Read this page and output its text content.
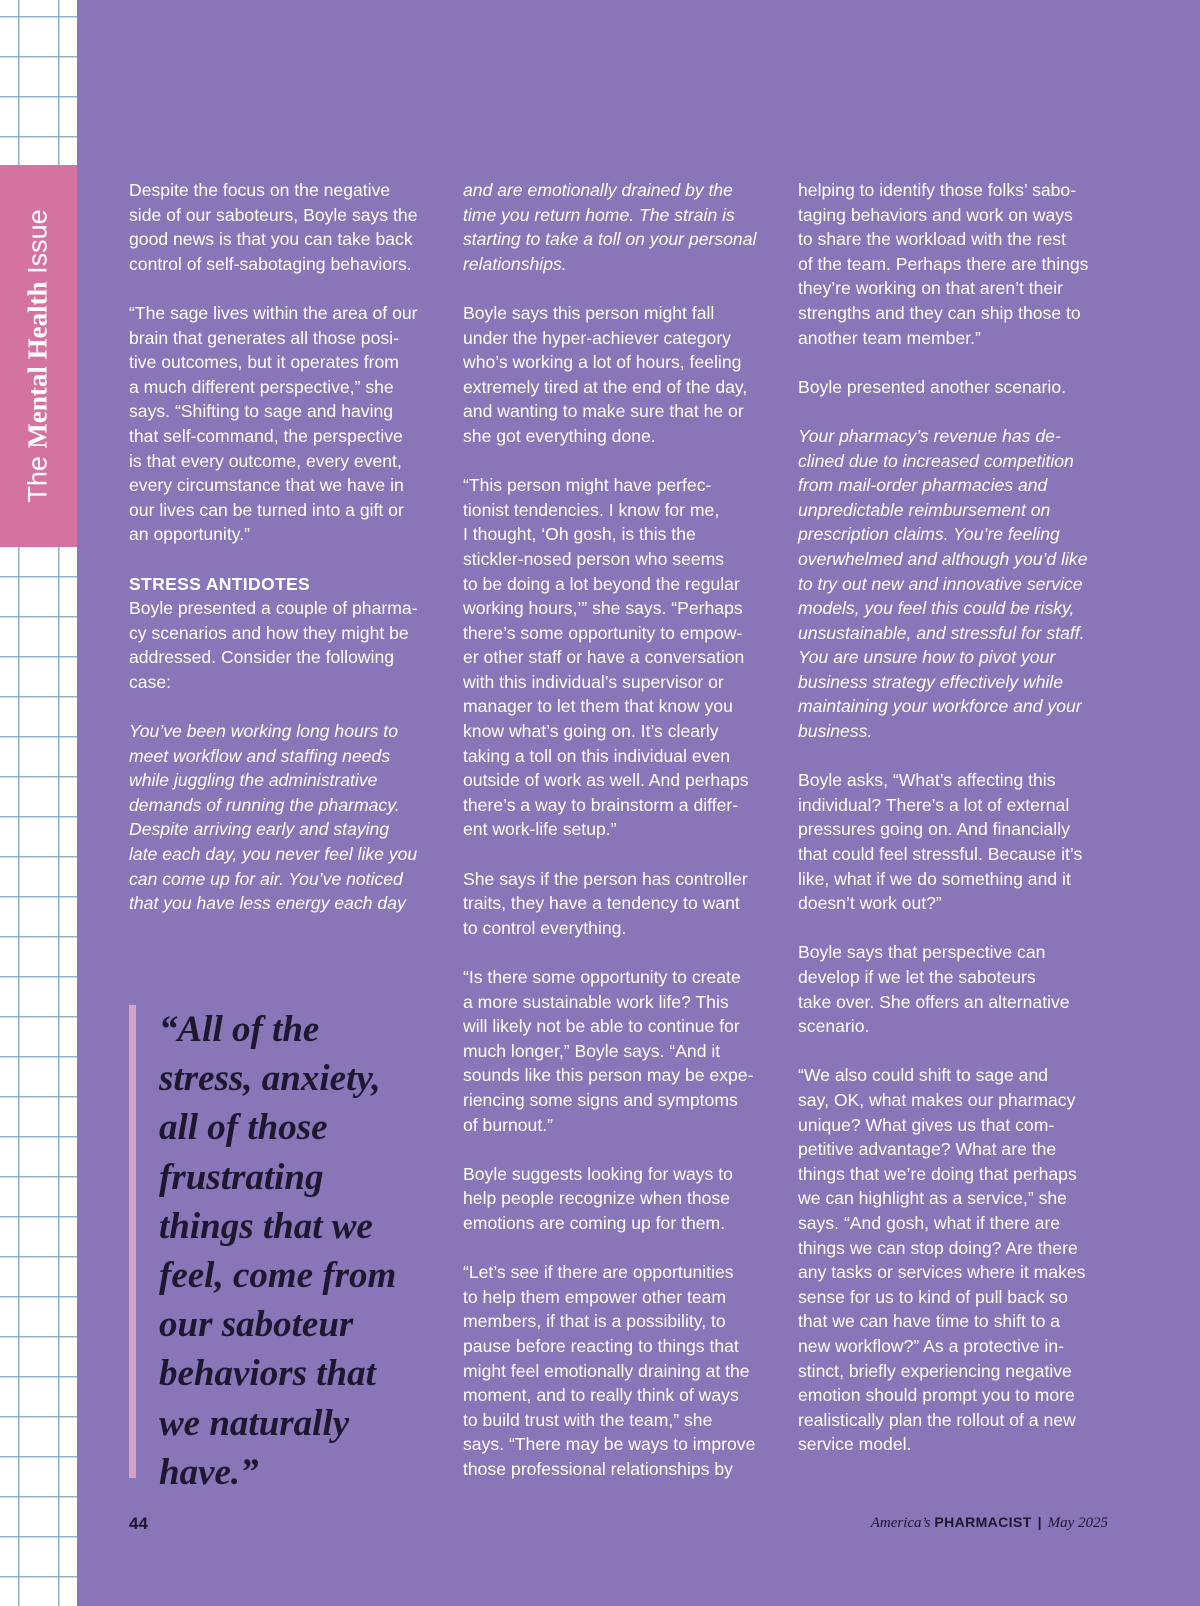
The Mental Health Issue

Despite the focus on the negative
side of our saboteurs, Boyle says the
good news is that you can take back
control of self-sabotaging behaviors.

“The sage lives within the area of our
brain that generates all those posi-
tive outcomes, but it operates from
a much different perspective,” she
says. “Shifting to sage and having
that self-command, the perspective
is that every outcome, every event,
every circumstance that we have in
our lives can be turned into a gift or
an opportunity.”

STRESS ANTIDOTES

Boyle presented a couple of pharma-
cy scenarios and how they might be
addressed. Consider the following
case:

You’ve been working long hours to
meet workflow and staffing needs
while juggling the administrative
demands of running the pharmacy.
Despite arriving early and staying
late each day, you never feel like you
can come up for air. You’ve noticed
that you have less energy each day

“All of the
stress, anxiety,
all of those
frustrating
things that we
feel, come from
our saboteur
behaviors that
we naturally
have.”

and are emotionally drained by the
time you return home. The strain is
starting to take a toll on your personal
relationships.

Boyle says this person might fall
under the hyper-achiever category
who’s working a lot of hours, feeling
extremely tired at the end of the day,
and wanting to make sure that he or
she got everything done.

“This person might have perfec-
tionist tendencies. I know for me,
I thought, ‘Oh gosh, is this the
stickler-nosed person who seems
to be doing a lot beyond the regular
working hours,’” she says. “Perhaps
there’s some opportunity to empow-
er other staff or have a conversation
with this individual’s supervisor or
manager to let them that know you
know what’s going on. It’s clearly
taking a toll on this individual even
outside of work as well. And perhaps
there’s a way to brainstorm a differ-
ent work-life setup.”

She says if the person has controller
traits, they have a tendency to want
to control everything.

“Is there some opportunity to create
a more sustainable work life? This
will likely not be able to continue for
much longer,” Boyle says. “And it
sounds like this person may be expe-
riencing some signs and symptoms
of burnout.”

Boyle suggests looking for ways to
help people recognize when those
emotions are coming up for them.

“Let’s see if there are opportunities
to help them empower other team
members, if that is a possibility, to
pause before reacting to things that
might feel emotionally draining at the
moment, and to really think of ways
to build trust with the team,” she
says. “There may be ways to improve
those professional relationships by

helping to identify those folks’ sabo-
taging behaviors and work on ways
to share the workload with the rest
of the team. Perhaps there are things
they’re working on that aren’t their
strengths and they can ship those to
another team member.”

Boyle presented another scenario.

Your pharmacy’s revenue has de-
clined due to increased competition
from mail-order pharmacies and
unpredictable reimbursement on
prescription claims. You’re feeling
overwhelmed and although you’d like
to try out new and innovative service
models, you feel this could be risky,
unsustainable, and stressful for staff.
You are unsure how to pivot your
business strategy effectively while
maintaining your workforce and your
business.

Boyle asks, “What’s affecting this
individual? There’s a lot of external
pressures going on. And financially
that could feel stressful. Because it’s
like, what if we do something and it
doesn’t work out?”

Boyle says that perspective can
develop if we let the saboteurs
take over. She offers an alternative
scenario.

“We also could shift to sage and
say, OK, what makes our pharmacy
unique? What gives us that com-
petitive advantage? What are the
things that we’re doing that perhaps
we can highlight as a service,” she
says. “And gosh, what if there are
things we can stop doing? Are there
any tasks or services where it makes
sense for us to kind of pull back so
that we can have time to shift to a
new workflow?” As a protective in-
stinct, briefly experiencing negative
emotion should prompt you to more
realistically plan the rollout of a new
service model.

44	America’s PHARMACIST | May 2025
